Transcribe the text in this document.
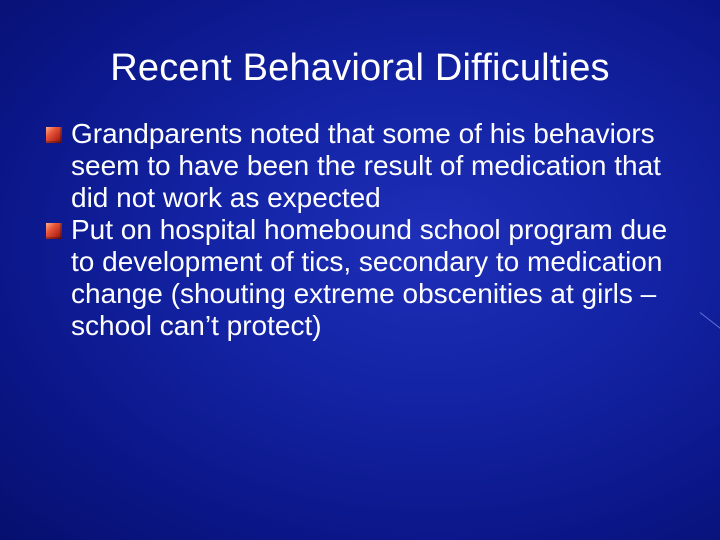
Recent Behavioral Difficulties
Grandparents noted that some of his behaviors seem to have been the result of medication that did not work as expected
Put on hospital homebound school program due to development of tics, secondary to medication change (shouting extreme obscenities at girls – school can’t protect)
